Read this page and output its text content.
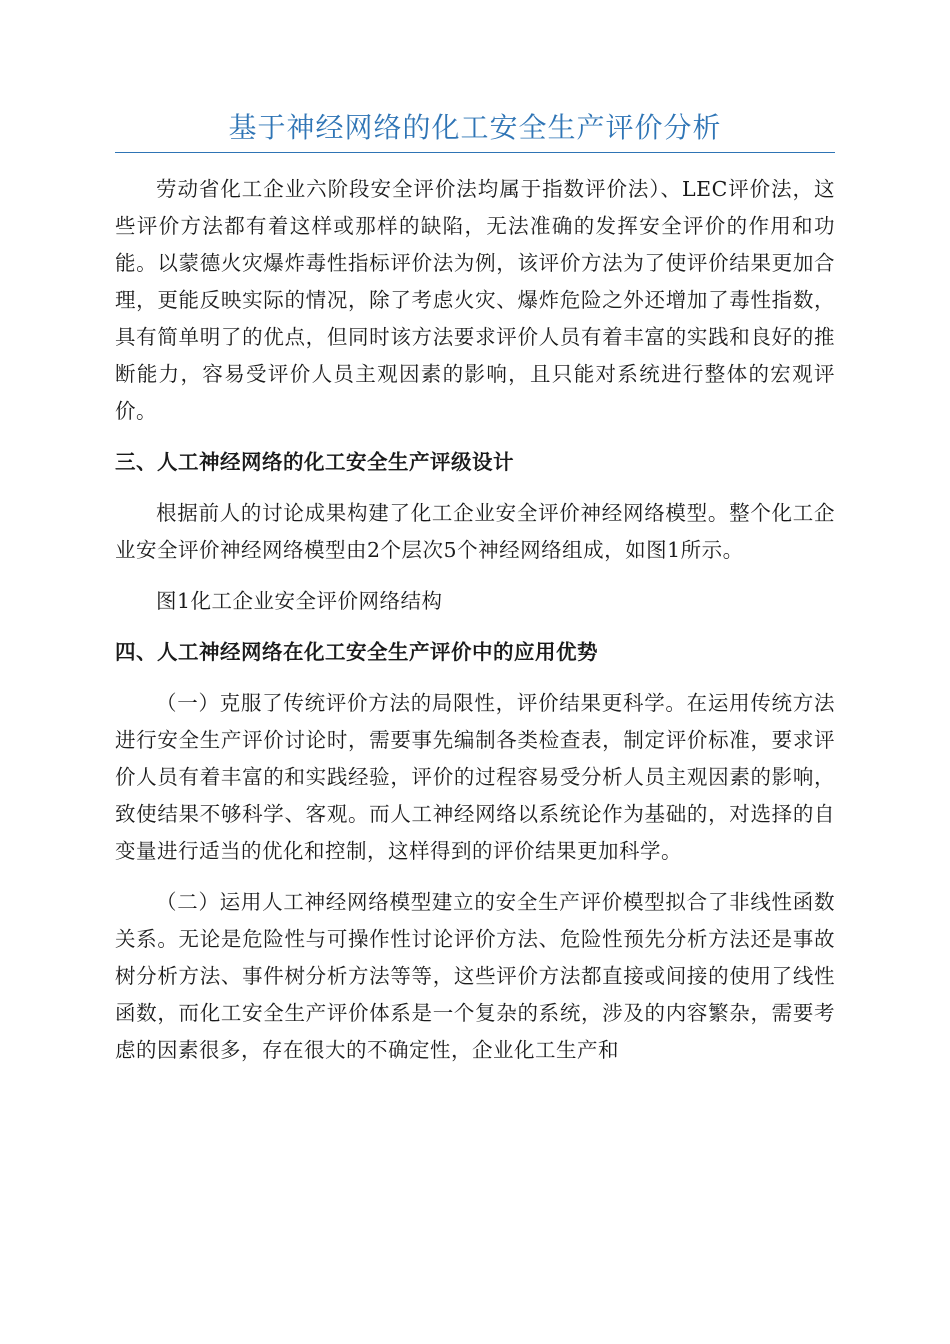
基于神经网络的化工安全生产评价分析

劳动省化工企业六阶段安全评价法均属于指数评价法）、LEC评价法，这些评价方法都有着这样或那样的缺陷，无法准确的发挥安全评价的作用和功能。以蒙德火灾爆炸毒性指标评价法为例，该评价方法为了使评价结果更加合理，更能反映实际的情况，除了考虑火灾、爆炸危险之外还增加了毒性指数，具有简单明了的优点，但同时该方法要求评价人员有着丰富的实践和良好的推断能力，容易受评价人员主观因素的影响，且只能对系统进行整体的宏观评价。

三、人工神经网络的化工安全生产评级设计

根据前人的讨论成果构建了化工企业安全评价神经网络模型。整个化工企业安全评价神经网络模型由2个层次5个神经网络组成，如图1所示。

图1化工企业安全评价网络结构

四、人工神经网络在化工安全生产评价中的应用优势

（一）克服了传统评价方法的局限性，评价结果更科学。在运用传统方法进行安全生产评价讨论时，需要事先编制各类检查表，制定评价标准，要求评价人员有着丰富的和实践经验，评价的过程容易受分析人员主观因素的影响，致使结果不够科学、客观。而人工神经网络以系统论作为基础的，对选择的自变量进行适当的优化和控制，这样得到的评价结果更加科学。

（二）运用人工神经网络模型建立的安全生产评价模型拟合了非线性函数关系。无论是危险性与可操作性讨论评价方法、危险性预先分析方法还是事故树分析方法、事件树分析方法等等，这些评价方法都直接或间接的使用了线性函数，而化工安全生产评价体系是一个复杂的系统，涉及的内容繁杂，需要考虑的因素很多，存在很大的不确定性，企业化工生产和
